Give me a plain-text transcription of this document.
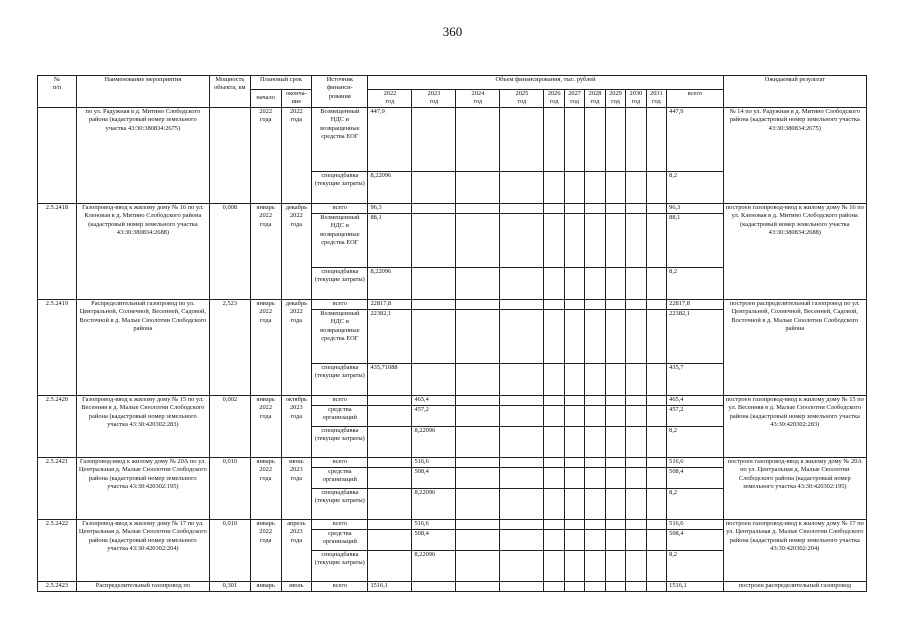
360
№
п/п	Наименование мероприятия	Мощность объекта, км	Плановый срок		Источник финанси-
рования	Объем финансирования, тыс. рублей											Ожидаемый результат
			начало	оконча-
ние		2022
год	2023
год	2024
год	2025
год	2026
год	2027
год	2028
год	2029
год	2030
год	2031
год	всего	

	по ул. Радужная в д. Митино Слободского района (кадастровый номер земельного участка 43:30:380834:2675)		2022
года	2022
года	Возмещенный НДС и возвращенные средства ЕОГ	447,9										447,9	№ 14 по ул. Радужная в д. Митино Слободского района (кадастровый номер земельного участка 43:30:380834:2675)
					спецнадбавка (текущие затраты)	8,22096										8,2	
2.5.2418	Газопровод-ввод к жилому дому № 16 по ул. Кленовая в д. Митино Слободского района (кадастровый номер земельного участка 43:30:380834:2688)	0,008	январь
2022
года	декабрь
2022
года	всего	96,3										96,3	построен газопровод-ввод к жилому дому № 16 по ул. Кленовая в д. Митино Слободского района (кадастровый номер земельного участка 43:30:380834:2688)
					Возмещенный НДС и возвращенные средства ЕОГ	88,1										88,1	
					спецнадбавка (текущие затраты)	8,22096										8,2	
2.5.2419	Распределительный газопровод по ул. Центральной, Солнечной, Весенней, Садовой, Восточной в д. Малые Сюолотни Слободского района	2,523	январь
2022
года	декабрь
2022
года	всего	22817,8										22817,8	построен распределительный газопровод по ул. Центральной, Солнечной, Весенней, Садовой, Восточной в д. Малые Сюолотни Слободского района
					Возмещенный НДС и возвращенные средства ЕОГ	22382,1										22382,1	
					спецнадбавка (текущие затраты)	435,71088										435,7	
2.5.2420	Газопровод-ввод к жилому дому № 15 по ул. Весенняя в д. Малые Сюолотни Слободского района (кадастровый номер земельного участка 43:30:420302:283)	0,002	январь
2022
года	октябрь
2023
года	всего		465,4									465,4	построен газопровод-ввод к жилому дому № 15 по ул. Весенняя в д. Малые Сюолотни Слободского района (кадастровый номер земельного участка 43:30:420302:283)
					средства организаций		457,2									457,2	
					спецнадбавка (текущие затраты)		8,22096									8,2	
2.5.2421	Газопровод-ввод к жилому дому № 20А по ул. Центральная д. Малые Сюолотни Слободского района (кадастровый номер земельного участка 43:30:420302:195)	0,010	январь
2022
года	июнь
2023
года	всего		516,6									516,6	построен газопровод-ввод к жилому дому № 20А по ул. Центральная д. Малые Сюолотни Слободского района (кадастровый номер земельного участка 43:30:420302:195)
					средства организаций		508,4									508,4	
					спецнадбавка (текущие затраты)		8,22096									8,2	
2.5.2422	Газопровод-ввод к жилому дому № 17 по ул. Центральная д. Малые Сюолотни Слободского района (кадастровый номер земельного участка 43:30:420302:204)	0,010	январь
2022
года	апрель
2023
года	всего		516,6									516,6	построен газопровод-ввод к жилому дому № 17 по ул. Центральная д. Малые Сюолотни Слободского района (кадастровый номер земельного участка 43:30:420302:204)
					средства организаций		508,4									508,4	
					спецнадбавка (текущие затраты)		8,22096									8,2	
2.5.2423	Распределительный газопровод по	0,301	январь	июль	всего	1516,1										1516,1	построен распределительный газопровод
